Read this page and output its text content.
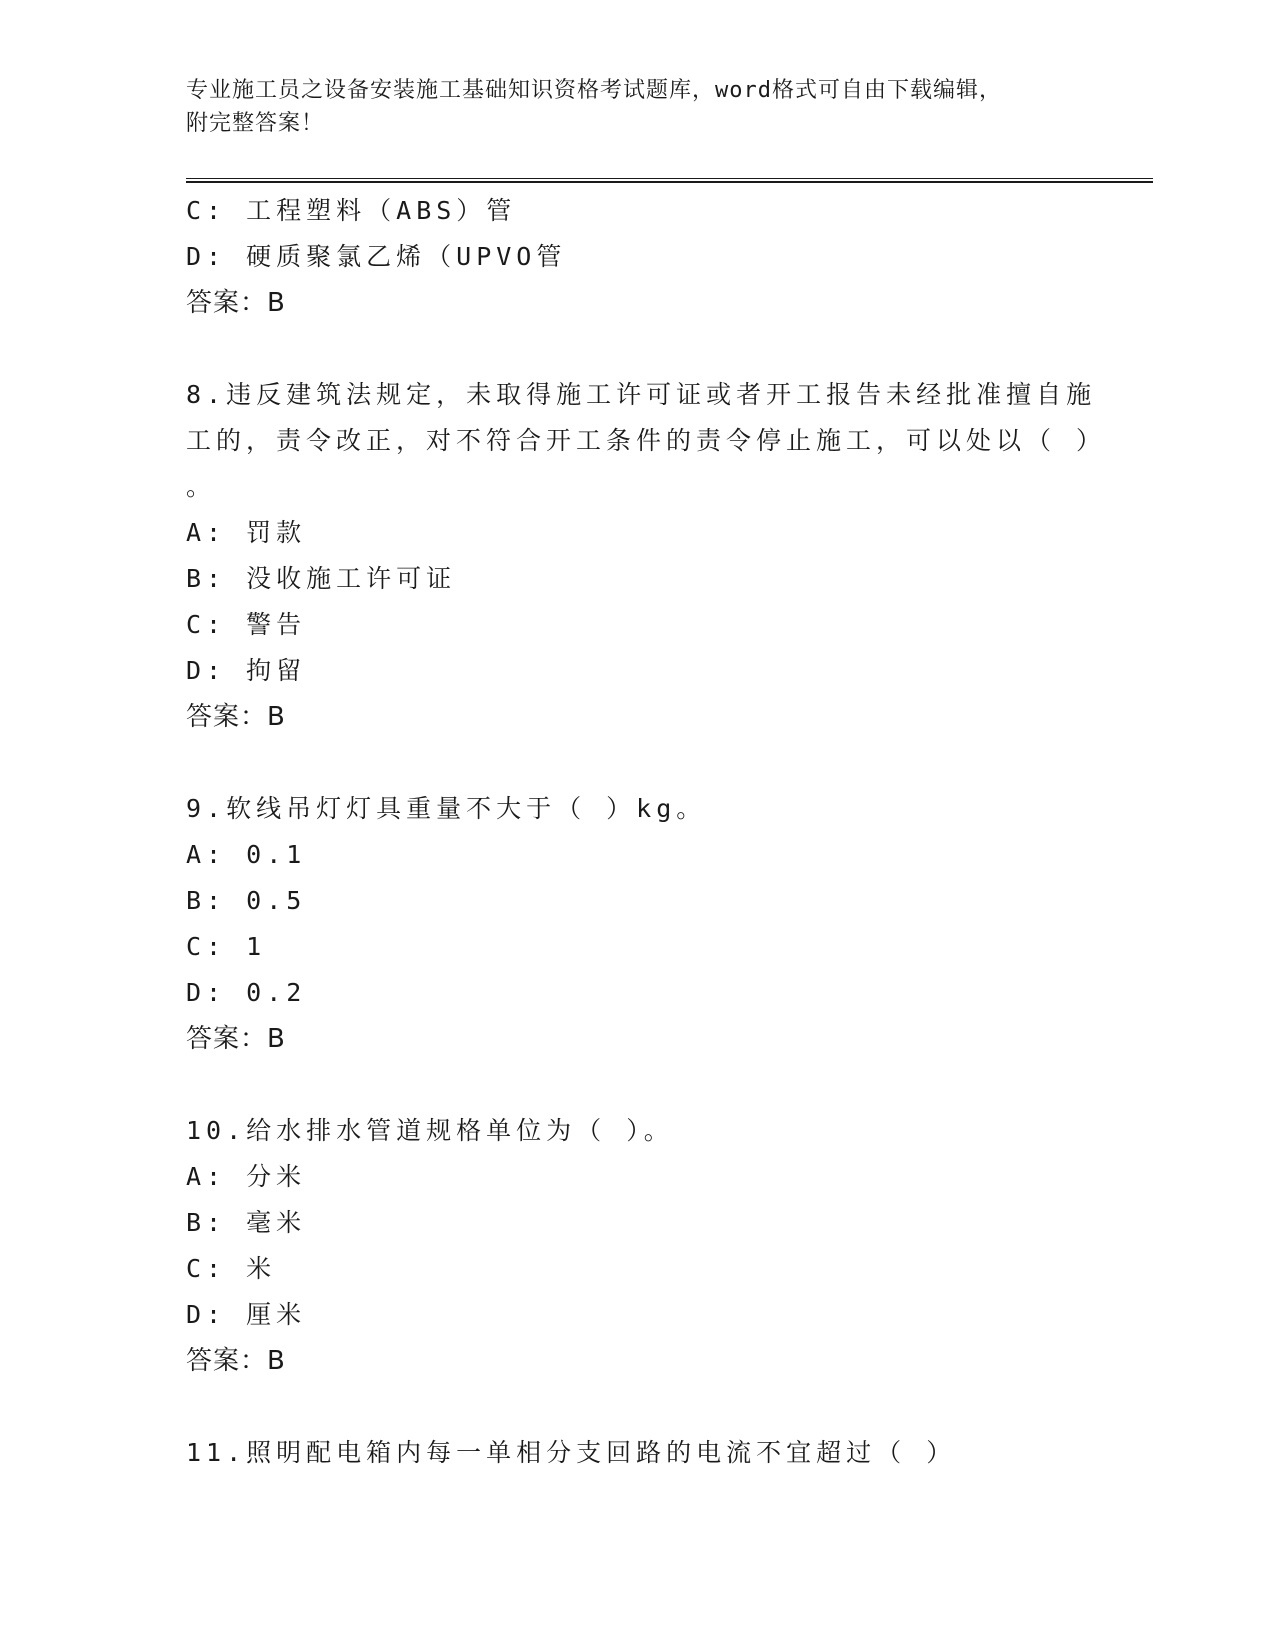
专业施工员之设备安装施工基础知识资格考试题库，word格式可自由下载编辑，
附完整答案！
C: 工程塑料（ABS）管
D: 硬质聚氯乙烯（UPVO管
答案：B
8.违反建筑法规定，未取得施工许可证或者开工报告未经批准擅自施
工的，责令改正，对不符合开工条件的责令停止施工，可以处以（ ）
。
A: 罚款
B: 没收施工许可证
C: 警告
D: 拘留
答案：B
9.软线吊灯灯具重量不大于（ ）kg。
A: 0.1
B: 0.5
C: 1
D: 0.2
答案：B
10.给水排水管道规格单位为（ ）。
A: 分米
B: 毫米
C: 米
D: 厘米
答案：B
11.照明配电箱内每一单相分支回路的电流不宜超过（ ）
